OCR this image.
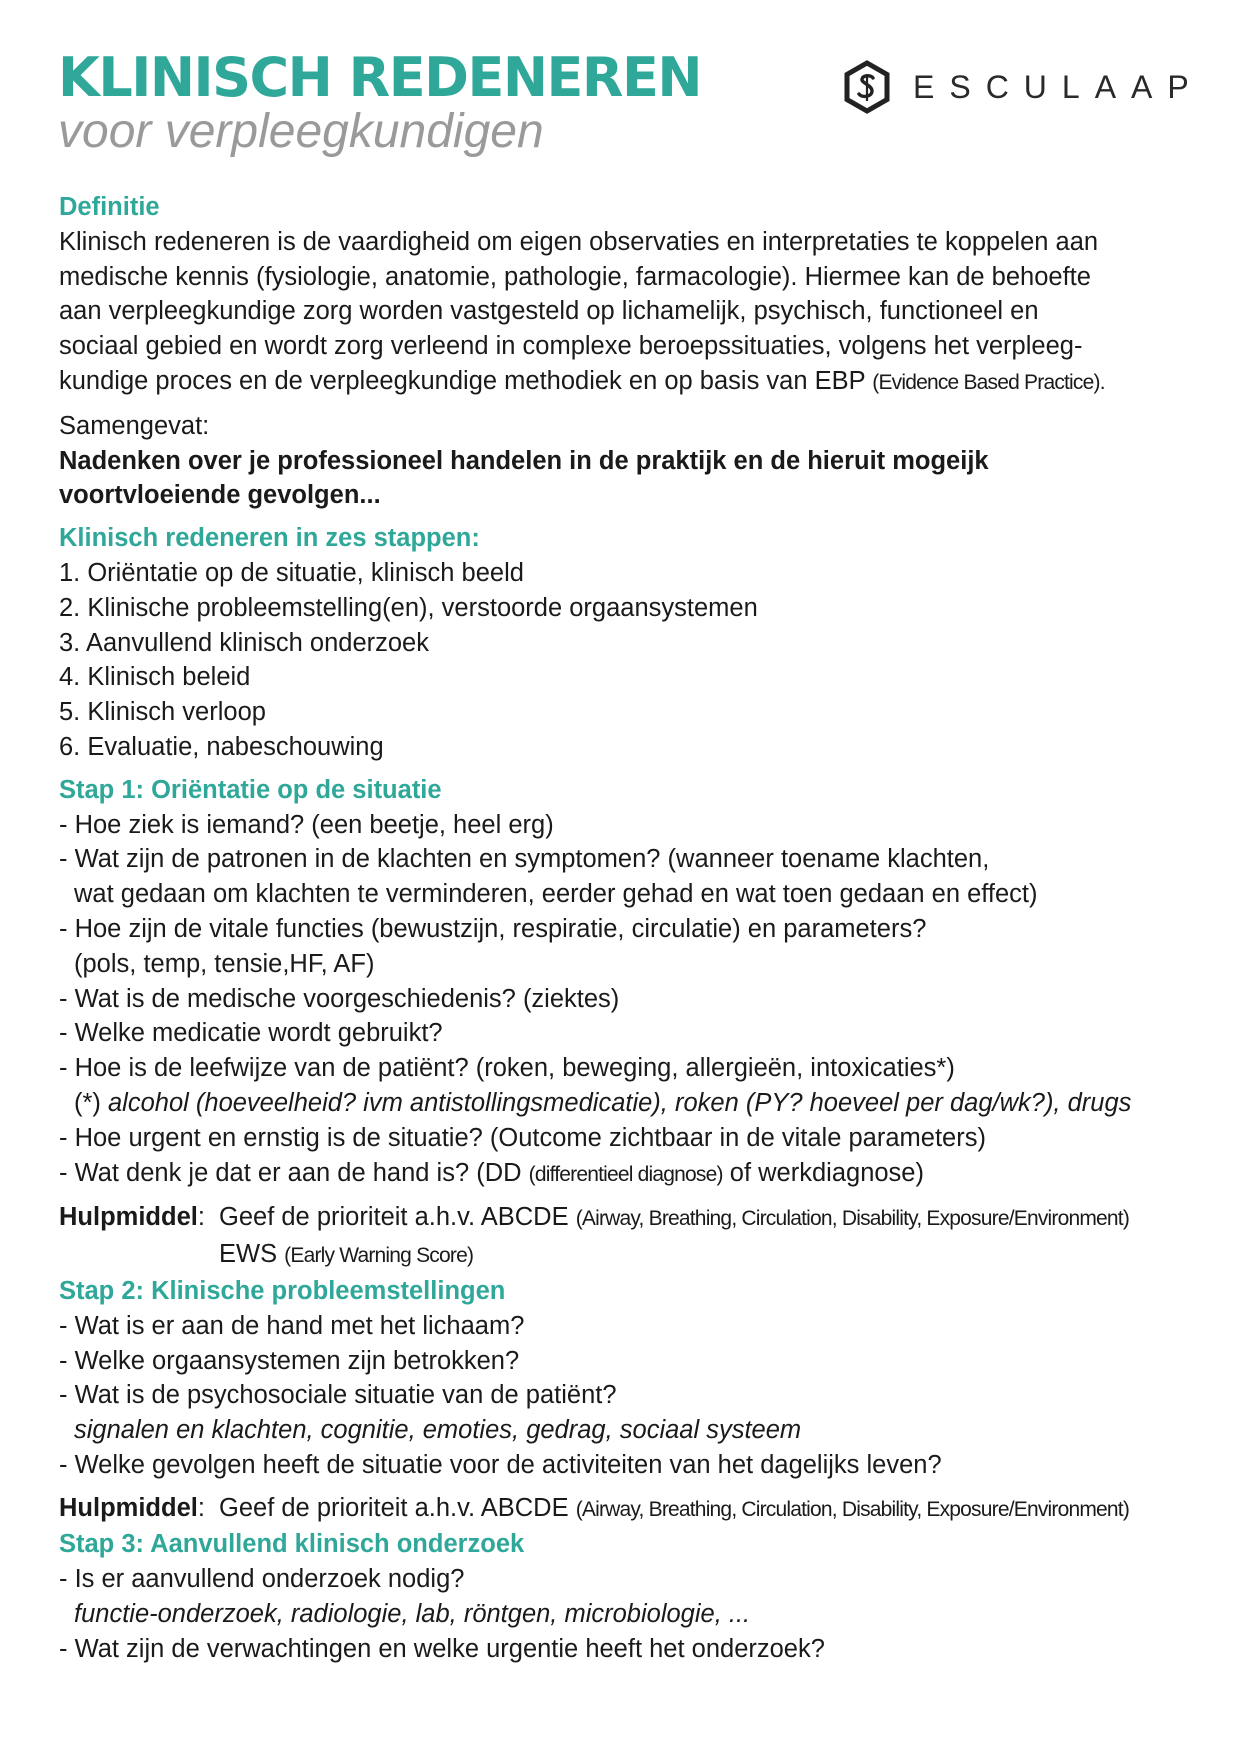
KLINISCH REDENEREN
voor verpleegkundigen
ESCULAAP
Definitie
Klinisch redeneren is de vaardigheid om eigen observaties en interpretaties te koppelen aan
medische kennis (fysiologie, anatomie, pathologie, farmacologie). Hiermee kan de behoefte
aan verpleegkundige zorg worden vastgesteld op lichamelijk, psychisch, functioneel en
sociaal gebied en wordt zorg verleend in complexe beroepssituaties, volgens het verpleeg-
kundige proces en de verpleegkundige methodiek en op basis van EBP (Evidence Based Practice).
Samengevat:
Nadenken over je professioneel handelen in de praktijk en de hieruit mogeijk
voortvloeiende gevolgen...
Klinisch redeneren in zes stappen:
1. Oriëntatie op de situatie, klinisch beeld
2. Klinische probleemstelling(en), verstoorde orgaansystemen
3. Aanvullend klinisch onderzoek
4. Klinisch beleid
5. Klinisch verloop
6. Evaluatie, nabeschouwing
Stap 1: Oriëntatie op de situatie
- Hoe ziek is iemand? (een beetje, heel erg)
- Wat zijn de patronen in de klachten en symptomen? (wanneer toename klachten,
wat gedaan om klachten te verminderen, eerder gehad en wat toen gedaan en effect)
- Hoe zijn de vitale functies (bewustzijn, respiratie, circulatie) en parameters?
(pols, temp, tensie,HF, AF)
- Wat is de medische voorgeschiedenis? (ziektes)
- Welke medicatie wordt gebruikt?
- Hoe is de leefwijze van de patiënt? (roken, beweging, allergieën, intoxicaties*)
(*) alcohol (hoeveelheid? ivm antistollingsmedicatie), roken (PY? hoeveel per dag/wk?), drugs
- Hoe urgent en ernstig is de situatie? (Outcome zichtbaar in de vitale parameters)
- Wat denk je dat er aan de hand is? (DD (differentieel diagnose) of werkdiagnose)
Hulpmiddel: Geef de prioriteit a.h.v. ABCDE (Airway, Breathing, Circulation, Disability, Exposure/Environment)
EWS (Early Warning Score)
Stap 2: Klinische probleemstellingen
- Wat is er aan de hand met het lichaam?
- Welke orgaansystemen zijn betrokken?
- Wat is de psychosociale situatie van de patiënt?
signalen en klachten, cognitie, emoties, gedrag, sociaal systeem
- Welke gevolgen heeft de situatie voor de activiteiten van het dagelijks leven?
Hulpmiddel: Geef de prioriteit a.h.v. ABCDE (Airway, Breathing, Circulation, Disability, Exposure/Environment)
Stap 3: Aanvullend klinisch onderzoek
- Is er aanvullend onderzoek nodig?
functie-onderzoek, radiologie, lab, röntgen, microbiologie, ...
- Wat zijn de verwachtingen en welke urgentie heeft het onderzoek?
